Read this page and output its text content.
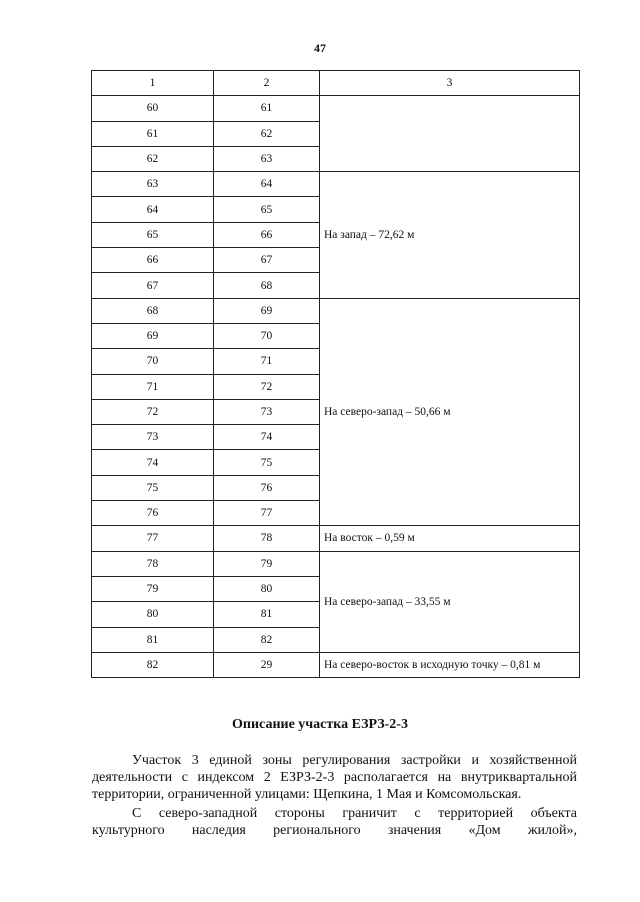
47
1	2	3
60	61	
61	62	
62	63	
63	64	На запад – 72,62 м
64	65	
65	66	
66	67	
67	68	
68	69	На северо-запад – 50,66 м
69	70	
70	71	
71	72	
72	73	
73	74	
74	75	
75	76	
76	77	
77	78	На восток – 0,59 м
78	79	На северо-запад – 33,55 м
79	80	
80	81	
81	82	
82	29	На северо-восток в исходную точку – 0,81 м
Описание участка ЕЗРЗ-2-3
Участок 3 единой зоны регулирования застройки и хозяйственной
деятельности с индексом 2 ЕЗРЗ-2-3 располагается на внутриквартальной
территории, ограниченной улицами: Щепкина, 1 Мая и Комсомольская.
С северо-западной стороны граничит с территорией объекта
культурного наследия регионального значения «Дом жилой»,
